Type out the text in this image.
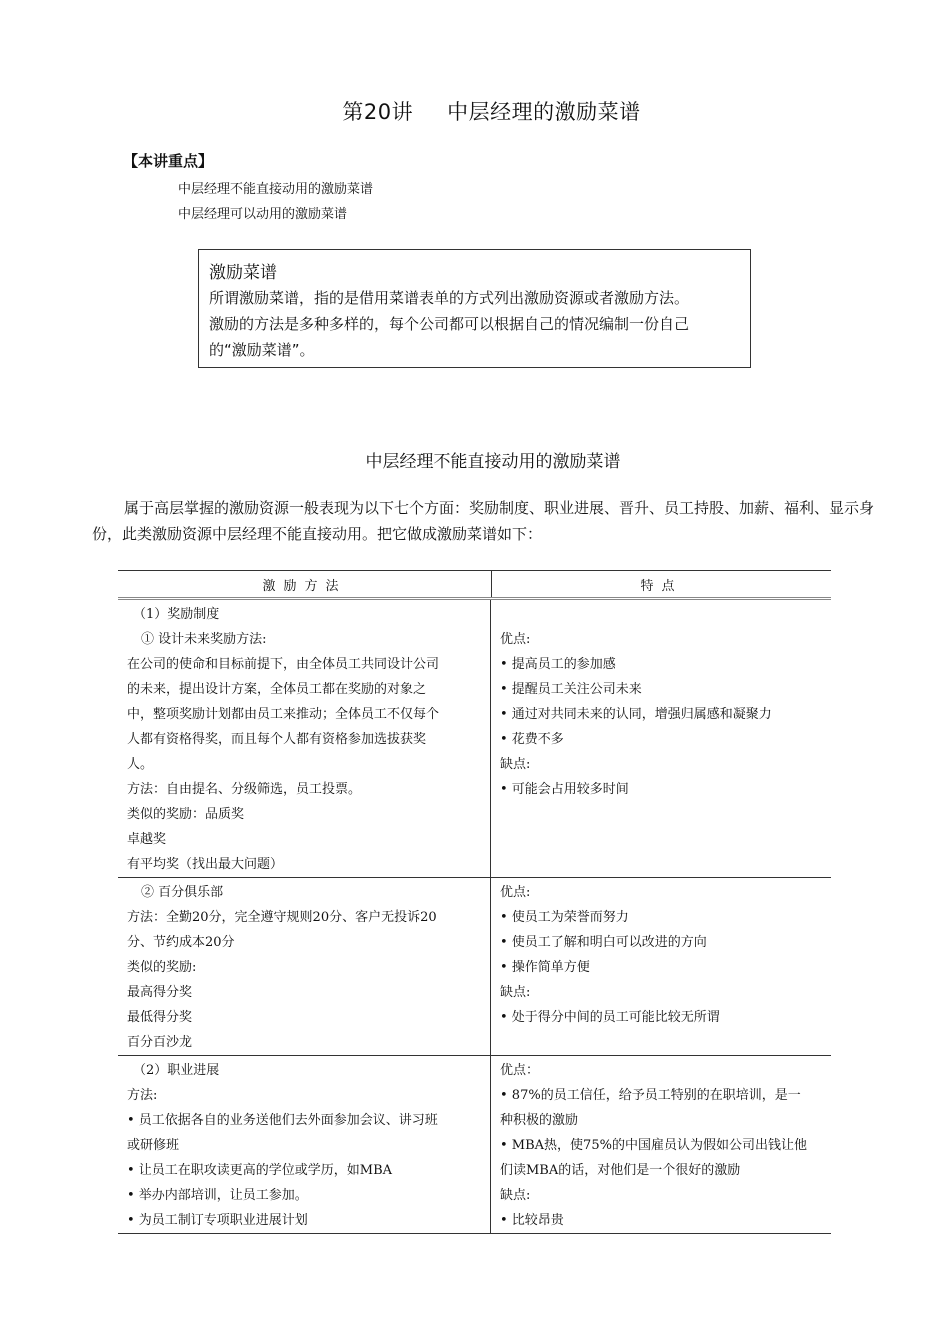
第20讲 中层经理的激励菜谱
【本讲重点】
中层经理不能直接动用的激励菜谱
中层经理可以动用的激励菜谱
激励菜谱
所谓激励菜谱，指的是借用菜谱表单的方式列出激励资源或者激励方法。
激励的方法是多种多样的，每个公司都可以根据自己的情况编制一份自己
的“激励菜谱”。
中层经理不能直接动用的激励菜谱
属于高层掌握的激励资源一般表现为以下七个方面：奖励制度、职业进展、晋升、员工持股、加薪、福利、显示身份，此类激励资源中层经理不能直接动用。把它做成激励菜谱如下：
激励方法	特点
（1）奖励制度
① 设计未来奖励方法:
在公司的使命和目标前提下，由全体员工共同设计公司
的未来，提出设计方案，全体员工都在奖励的对象之
中，整项奖励计划都由员工来推动；全体员工不仅每个
人都有资格得奖，而且每个人都有资格参加选拔获奖
人。
方法：自由提名、分级筛选，员工投票。
类似的奖励：品质奖
卓越奖
有平均奖（找出最大问题）

优点:
• 提高员工的参加感
• 提醒员工关注公司未来
• 通过对共同未来的认同，增强归属感和凝聚力
• 花费不多
缺点:
• 可能会占用较多时间
② 百分俱乐部
方法：全勤20分，完全遵守规则20分、客户无投诉20
分、节约成本20分
类似的奖励:
最高得分奖
最低得分奖
百分百沙龙
优点:
• 使员工为荣誉而努力
• 使员工了解和明白可以改进的方向
• 操作简单方便
缺点:
• 处于得分中间的员工可能比较无所谓
（2）职业进展
方法:
• 员工依据各自的业务送他们去外面参加会议、讲习班
或研修班
• 让员工在职攻读更高的学位或学历，如MBA
• 举办内部培训，让员工参加。
• 为员工制订专项职业进展计划
优点：
• 87%的员工信任，给予员工特别的在职培训，是一
种积极的激励
• MBA热，使75%的中国雇员认为假如公司出钱让他
们读MBA的话，对他们是一个很好的激励
缺点:
• 比较昂贵
